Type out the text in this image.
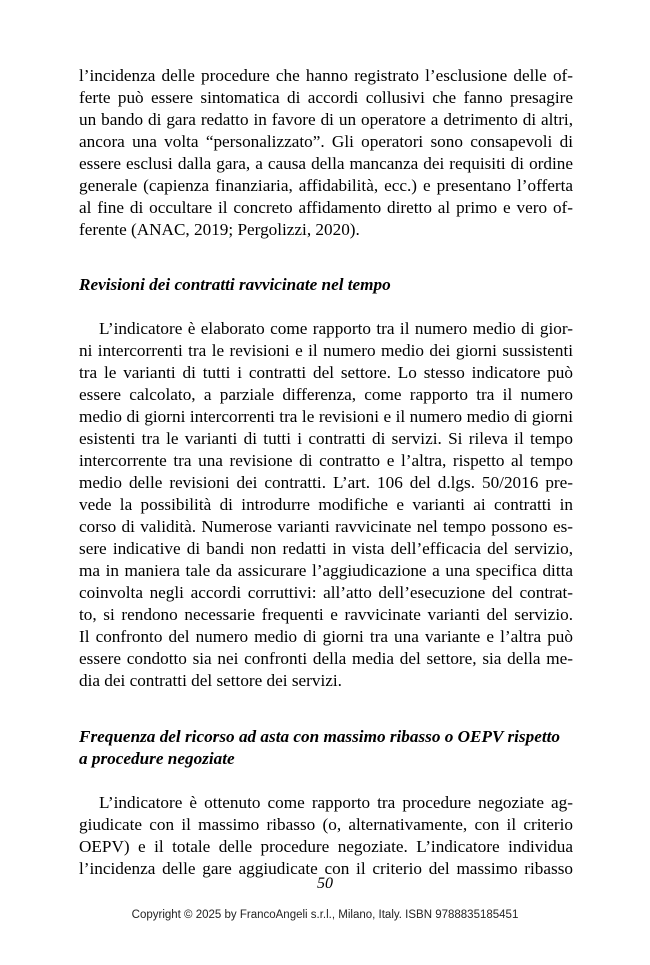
l’incidenza delle procedure che hanno registrato l’esclusione delle of-
ferte può essere sintomatica di accordi collusivi che fanno presagire
un bando di gara redatto in favore di un operatore a detrimento di altri,
ancora una volta “personalizzato”. Gli operatori sono consapevoli di
essere esclusi dalla gara, a causa della mancanza dei requisiti di ordine
generale (capienza finanziaria, affidabilità, ecc.) e presentano l’offerta
al fine di occultare il concreto affidamento diretto al primo e vero of-
ferente (ANAC, 2019; Pergolizzi, 2020).
Revisioni dei contratti ravvicinate nel tempo
L’indicatore è elaborato come rapporto tra il numero medio di gior-
ni intercorrenti tra le revisioni e il numero medio dei giorni sussistenti
tra le varianti di tutti i contratti del settore. Lo stesso indicatore può
essere calcolato, a parziale differenza, come rapporto tra il numero
medio di giorni intercorrenti tra le revisioni e il numero medio di giorni
esistenti tra le varianti di tutti i contratti di servizi. Si rileva il tempo
intercorrente tra una revisione di contratto e l’altra, rispetto al tempo
medio delle revisioni dei contratti. L’art. 106 del d.lgs. 50/2016 pre-
vede la possibilità di introdurre modifiche e varianti ai contratti in
corso di validità. Numerose varianti ravvicinate nel tempo possono es-
sere indicative di bandi non redatti in vista dell’efficacia del servizio,
ma in maniera tale da assicurare l’aggiudicazione a una specifica ditta
coinvolta negli accordi corruttivi: all’atto dell’esecuzione del contrat-
to, si rendono necessarie frequenti e ravvicinate varianti del servizio.
Il confronto del numero medio di giorni tra una variante e l’altra può
essere condotto sia nei confronti della media del settore, sia della me-
dia dei contratti del settore dei servizi.
Frequenza del ricorso ad asta con massimo ribasso o OEPV rispetto
a procedure negoziate
L’indicatore è ottenuto come rapporto tra procedure negoziate ag-
giudicate con il massimo ribasso (o, alternativamente, con il criterio
OEPV) e il totale delle procedure negoziate. L’indicatore individua
l’incidenza delle gare aggiudicate con il criterio del massimo ribasso
50
Copyright © 2025 by FrancoAngeli s.r.l., Milano, Italy. ISBN 9788835185451
